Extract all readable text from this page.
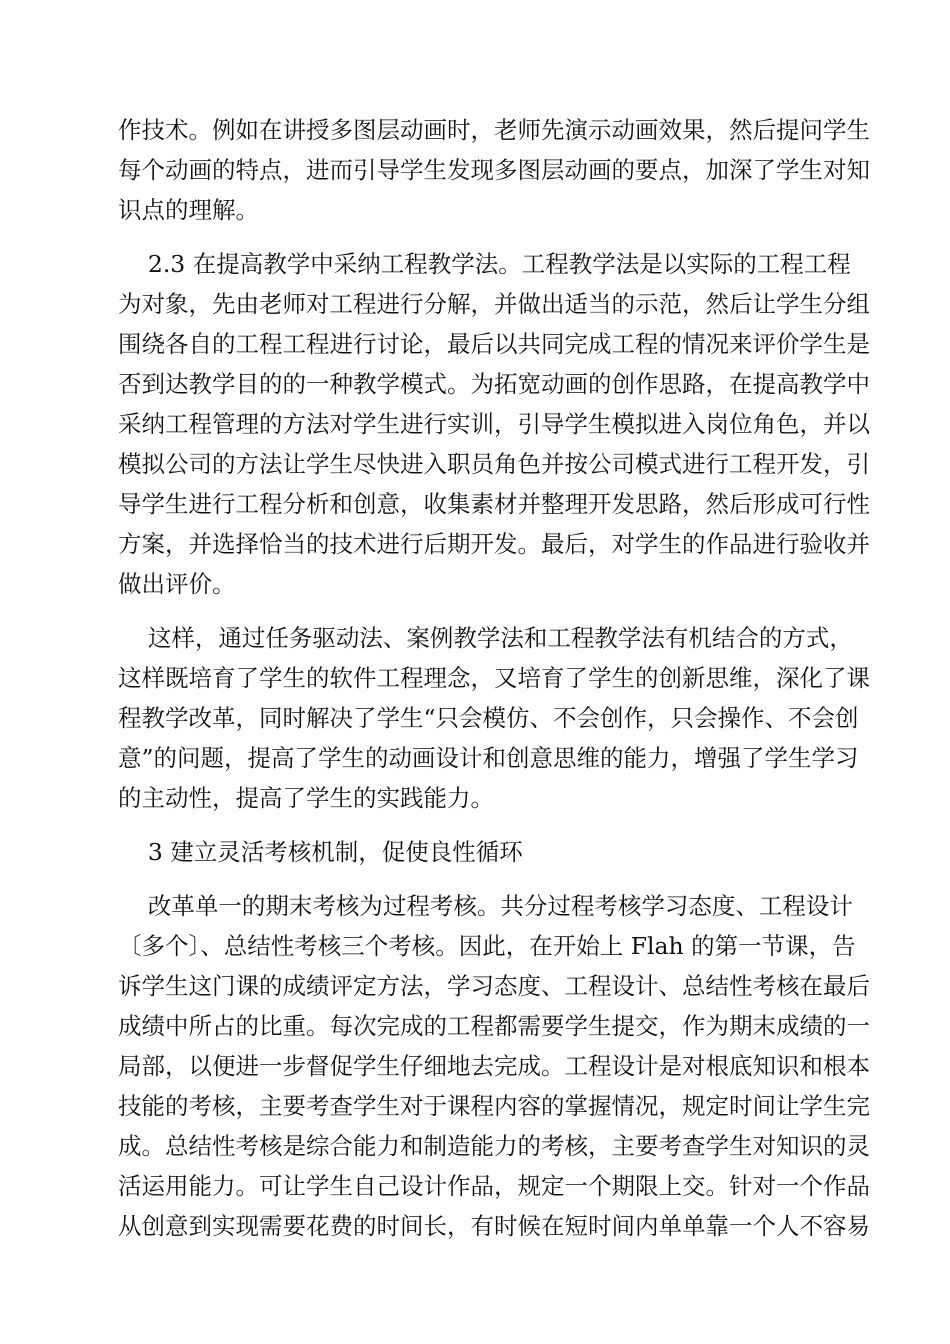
作技术。例如在讲授多图层动画时，老师先演示动画效果，然后提问学生
每个动画的特点，进而引导学生发现多图层动画的要点，加深了学生对知
识点的理解。
2.3 在提高教学中采纳工程教学法。工程教学法是以实际的工程工程
为对象，先由老师对工程进行分解，并做出适当的示范，然后让学生分组
围绕各自的工程工程进行讨论，最后以共同完成工程的情况来评价学生是
否到达教学目的的一种教学模式。为拓宽动画的创作思路，在提高教学中
采纳工程管理的方法对学生进行实训，引导学生模拟进入岗位角色，并以
模拟公司的方法让学生尽快进入职员角色并按公司模式进行工程开发，引
导学生进行工程分析和创意，收集素材并整理开发思路，然后形成可行性
方案，并选择恰当的技术进行后期开发。最后，对学生的作品进行验收并
做出评价。
这样，通过任务驱动法、案例教学法和工程教学法有机结合的方式，
这样既培育了学生的软件工程理念，又培育了学生的创新思维，深化了课
程教学改革，同时解决了学生“只会模仿、不会创作，只会操作、不会创
意”的问题，提高了学生的动画设计和创意思维的能力，增强了学生学习
的主动性，提高了学生的实践能力。
3 建立灵活考核机制，促使良性循环
改革单一的期末考核为过程考核。共分过程考核学习态度、工程设计
〔多个〕、总结性考核三个考核。因此，在开始上 Flah 的第一节课，告
诉学生这门课的成绩评定方法，学习态度、工程设计、总结性考核在最后
成绩中所占的比重。每次完成的工程都需要学生提交，作为期末成绩的一
局部，以便进一步督促学生仔细地去完成。工程设计是对根底知识和根本
技能的考核，主要考查学生对于课程内容的掌握情况，规定时间让学生完
成。总结性考核是综合能力和制造能力的考核，主要考查学生对知识的灵
活运用能力。可让学生自己设计作品，规定一个期限上交。针对一个作品
从创意到实现需要花费的时间长，有时候在短时间内单单靠一个人不容易
